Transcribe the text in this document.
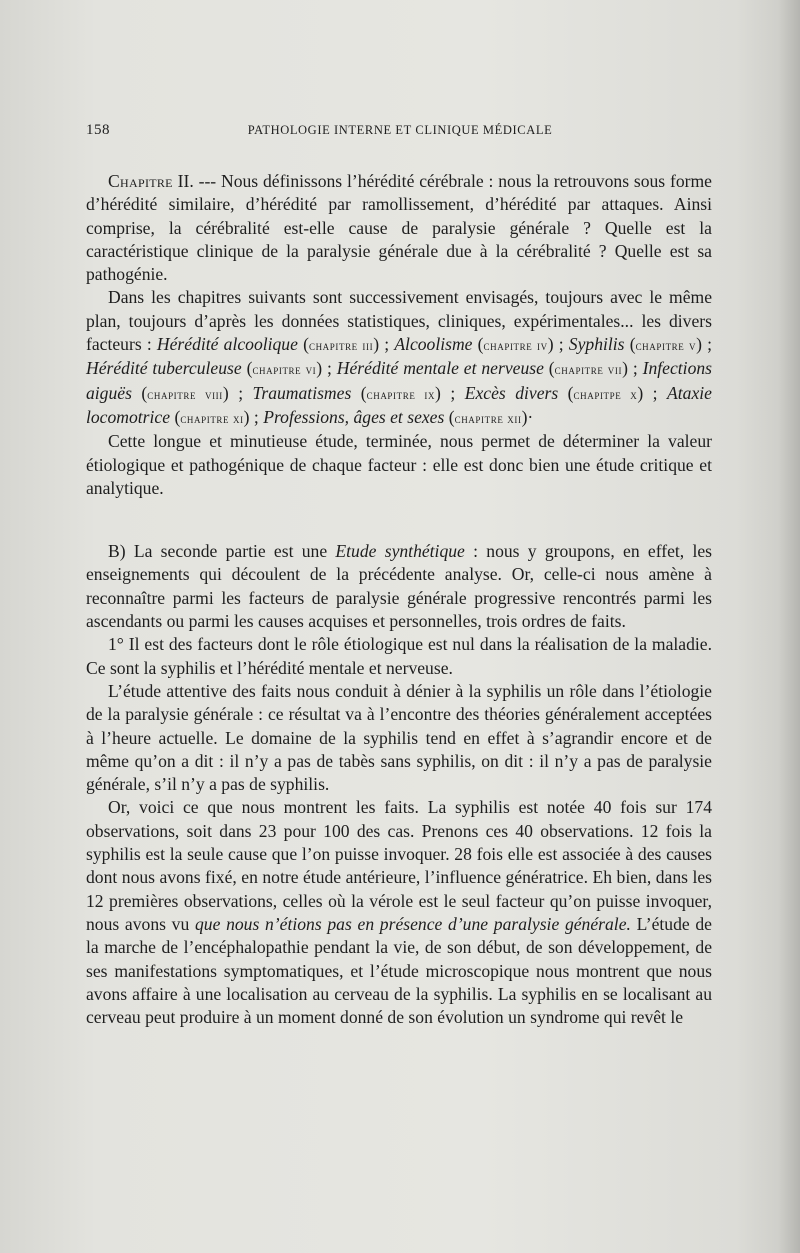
158	PATHOLOGIE INTERNE ET CLINIQUE MÉDICALE

Chapitre II. --- Nous définissons l’hérédité cérébrale : nous la retrouvons sous forme d’hérédité similaire, d’hérédité par ramollissement, d’hérédité par attaques. Ainsi comprise, la cérébralité est-elle cause de paralysie générale ? Quelle est la caractéristique clinique de la paralysie générale due à la cérébralité ? Quelle est sa pathogénie.

Dans les chapitres suivants sont successivement envisagés, toujours avec le même plan, toujours d’après les données statistiques, cliniques, expérimentales... les divers facteurs : Hérédité alcoolique (chapitre iii) ; Alcoolisme (chapitre iv) ; Syphilis (chapitre v) ; Hérédité tuberculeuse (chapitre vi) ; Hérédité mentale et nerveuse (chapitre vii) ; Infections aiguës (chapitre viii) ; Traumatismes (chapitre ix) ; Excès divers (chapitpe x) ; Ataxie locomotrice (chapitre xi) ; Professions, âges et sexes (chapitre xii)·

Cette longue et minutieuse étude, terminée, nous permet de déterminer la valeur étiologique et pathogénique de chaque facteur : elle est donc bien une étude critique et analytique.

B) La seconde partie est une Etude synthétique : nous y groupons, en effet, les enseignements qui découlent de la précédente analyse. Or, celle-ci nous amène à reconnaître parmi les facteurs de paralysie générale progressive rencontrés parmi les ascendants ou parmi les causes acquises et personnelles, trois ordres de faits.

1° Il est des facteurs dont le rôle étiologique est nul dans la réalisation de la maladie. Ce sont la syphilis et l’hérédité mentale et nerveuse.

L’étude attentive des faits nous conduit à dénier à la syphilis un rôle dans l’étiologie de la paralysie générale : ce résultat va à l’encontre des théories généralement acceptées à l’heure actuelle. Le domaine de la syphilis tend en effet à s’agrandir encore et de même qu’on a dit : il n’y a pas de tabès sans syphilis, on dit : il n’y a pas de paralysie générale, s’il n’y a pas de syphilis.

Or, voici ce que nous montrent les faits. La syphilis est notée 40 fois sur 174 observations, soit dans 23 pour 100 des cas. Prenons ces 40 observations. 12 fois la syphilis est la seule cause que l’on puisse invoquer. 28 fois elle est associée à des causes dont nous avons fixé, en notre étude antérieure, l’influence génératrice. Eh bien, dans les 12 premières observations, celles où la vérole est le seul facteur qu’on puisse invoquer, nous avons vu que nous n’étions pas en présence d’une paralysie générale. L’étude de la marche de l’encéphalopathie pendant la vie, de son début, de son développement, de ses manifestations symptomatiques, et l’étude microscopique nous montrent que nous avons affaire à une localisation au cerveau de la syphilis. La syphilis en se localisant au cerveau peut produire à un moment donné de son évolution un syndrome qui revêt le
